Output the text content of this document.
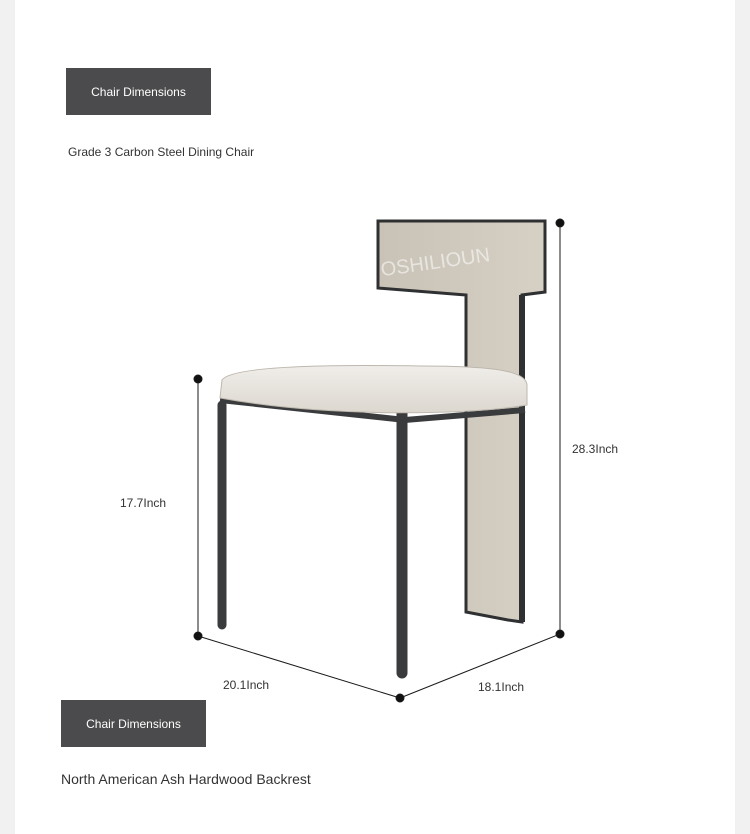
Chair Dimensions
Grade 3 Carbon Steel Dining Chair
OSHILIOUN
17.7Inch
28.3Inch
20.1Inch	18.1Inch
Chair Dimensions
North American Ash Hardwood Backrest
